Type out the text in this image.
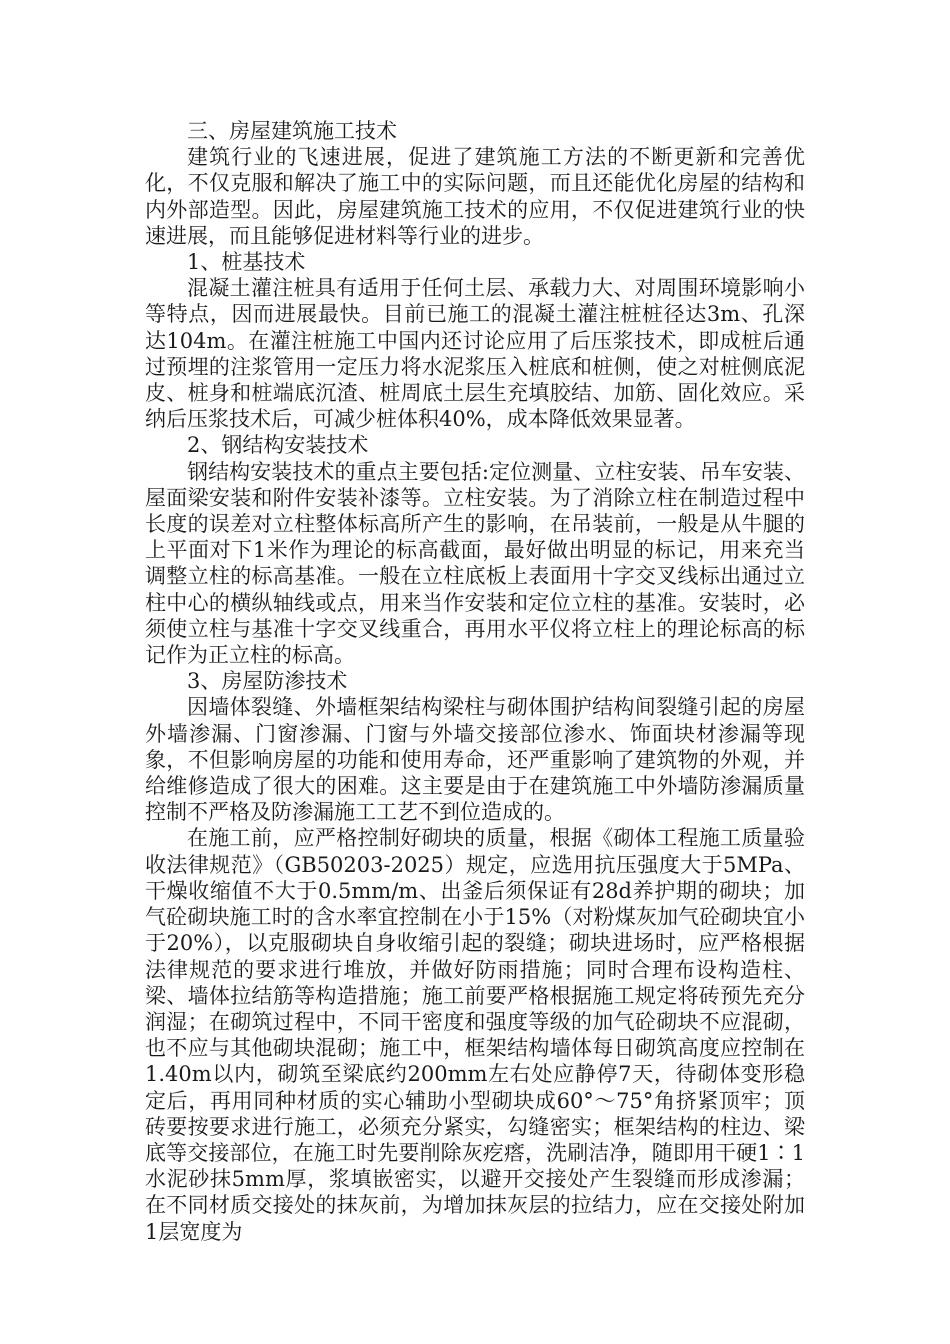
三、房屋建筑施工技术

建筑行业的飞速进展，促进了建筑施工方法的不断更新和完善优化，不仅克服和解决了施工中的实际问题，而且还能优化房屋的结构和内外部造型。因此，房屋建筑施工技术的应用，不仅促进建筑行业的快速进展，而且能够促进材料等行业的进步。

1、桩基技术

混凝土灌注桩具有适用于任何土层、承载力大、对周围环境影响小等特点，因而进展最快。目前已施工的混凝土灌注桩桩径达3m、孔深达104m。在灌注桩施工中国内还讨论应用了后压浆技术，即成桩后通过预埋的注浆管用一定压力将水泥浆压入桩底和桩侧，使之对桩侧底泥皮、桩身和桩端底沉渣、桩周底土层生充填胶结、加筋、固化效应。采纳后压浆技术后，可减少桩体积40%，成本降低效果显著。

2、钢结构安装技术

钢结构安装技术的重点主要包括:定位测量、立柱安装、吊车安装、屋面梁安装和附件安装补漆等。立柱安装。为了消除立柱在制造过程中长度的误差对立柱整体标高所产生的影响，在吊装前，一般是从牛腿的上平面对下1米作为理论的标高截面，最好做出明显的标记，用来充当调整立柱的标高基准。一般在立柱底板上表面用十字交叉线标出通过立柱中心的横纵轴线或点，用来当作安装和定位立柱的基准。安装时，必须使立柱与基准十字交叉线重合，再用水平仪将立柱上的理论标高的标记作为正立柱的标高。

3、房屋防渗技术

因墙体裂缝、外墙框架结构梁柱与砌体围护结构间裂缝引起的房屋外墙渗漏、门窗渗漏、门窗与外墙交接部位渗水、饰面块材渗漏等现象，不但影响房屋的功能和使用寿命，还严重影响了建筑物的外观，并给维修造成了很大的困难。这主要是由于在建筑施工中外墙防渗漏质量控制不严格及防渗漏施工工艺不到位造成的。

在施工前，应严格控制好砌块的质量，根据《砌体工程施工质量验收法律规范》（GB50203-2025）规定，应选用抗压强度大于5MPa、干燥收缩值不大于0.5mm/m、出釜后须保证有28d养护期的砌块；加气砼砌块施工时的含水率宜控制在小于15%（对粉煤灰加气砼砌块宜小于20%），以克服砌块自身收缩引起的裂缝；砌块进场时，应严格根据法律规范的要求进行堆放，并做好防雨措施；同时合理布设构造柱、梁、墙体拉结筋等构造措施；施工前要严格根据施工规定将砖预先充分润湿；在砌筑过程中，不同干密度和强度等级的加气砼砌块不应混砌，也不应与其他砌块混砌；施工中，框架结构墙体每日砌筑高度应控制在1.40m以内，砌筑至梁底约200mm左右处应静停7天，待砌体变形稳定后，再用同种材质的实心辅助小型砌块成60°～75°角挤紧顶牢；顶砖要按要求进行施工，必须充分紧实，勾缝密实；框架结构的柱边、梁底等交接部位，在施工时先要削除灰疙瘩，洗刷洁净，随即用干硬1∶1水泥砂抹5mm厚，浆填嵌密实，以避开交接处产生裂缝而形成渗漏；在不同材质交接处的抹灰前，为增加抹灰层的拉结力，应在交接处附加1层宽度为
